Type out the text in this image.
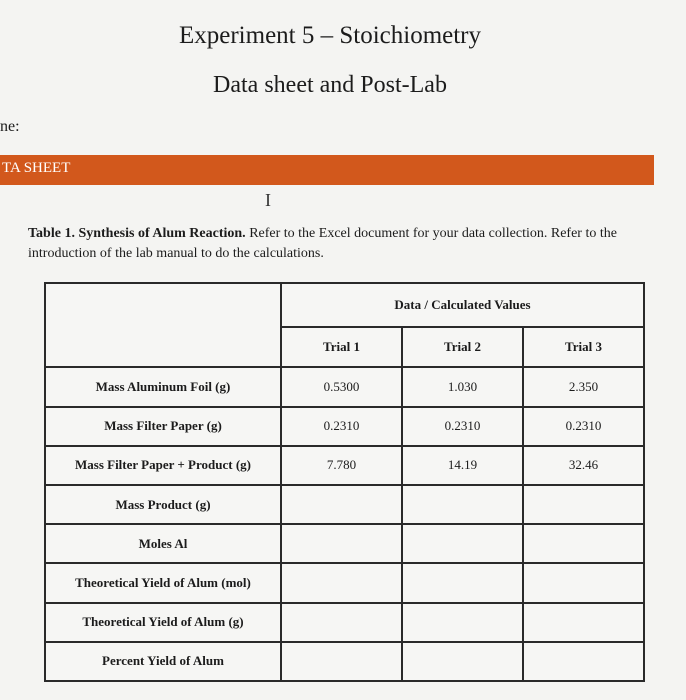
Experiment 5 – Stoichiometry
Data sheet and Post-Lab
ne:
TA SHEET
I
Table 1. Synthesis of Alum Reaction. Refer to the Excel document for your data collection. Refer to the introduction of the lab manual to do the calculations.
	Data / Calculated Values		
	Trial 1	Trial 2	Trial 3
Mass Aluminum Foil (g)	0.5300	1.030	2.350
Mass Filter Paper (g)	0.2310	0.2310	0.2310
Mass Filter Paper + Product (g)	7.780	14.19	32.46
Mass Product (g)			
Moles Al			
Theoretical Yield of Alum (mol)			
Theoretical Yield of Alum (g)			
Percent Yield of Alum			
